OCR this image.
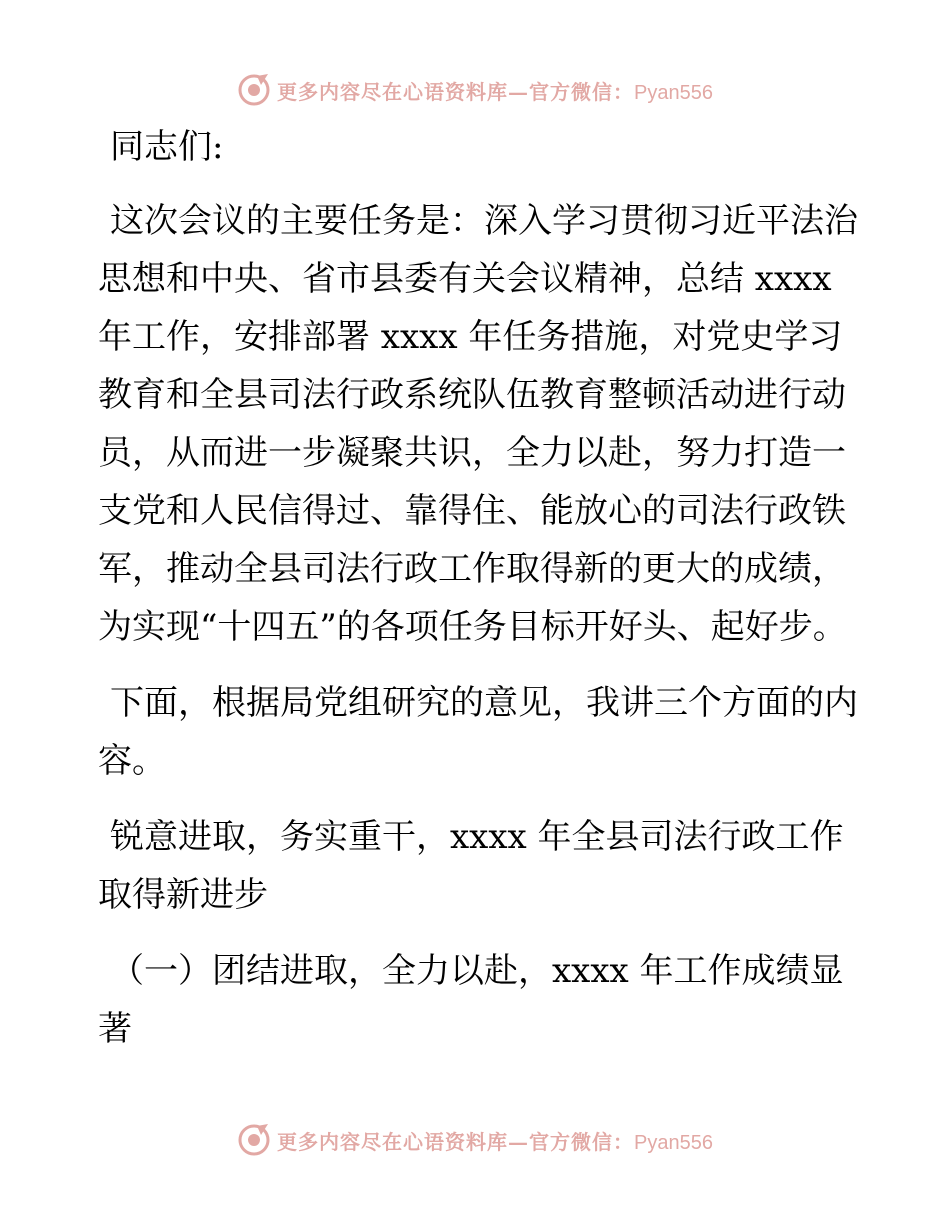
更多内容尽在心语资料库—官方微信：Pyan556

同志们:

这次会议的主要任务是：深入学习贯彻习近平法治思想和中央、省市县委有关会议精神，总结 xxxx 年工作，安排部署 xxxx 年任务措施，对党史学习教育和全县司法行政系统队伍教育整顿活动进行动员，从而进一步凝聚共识，全力以赴，努力打造一支党和人民信得过、靠得住、能放心的司法行政铁军，推动全县司法行政工作取得新的更大的成绩，为实现“十四五”的各项任务目标开好头、起好步。

下面，根据局党组研究的意见，我讲三个方面的内容。

锐意进取，务实重干，xxxx 年全县司法行政工作取得新进步

（一）团结进取，全力以赴，xxxx 年工作成绩显著

更多内容尽在心语资料库—官方微信：Pyan556
